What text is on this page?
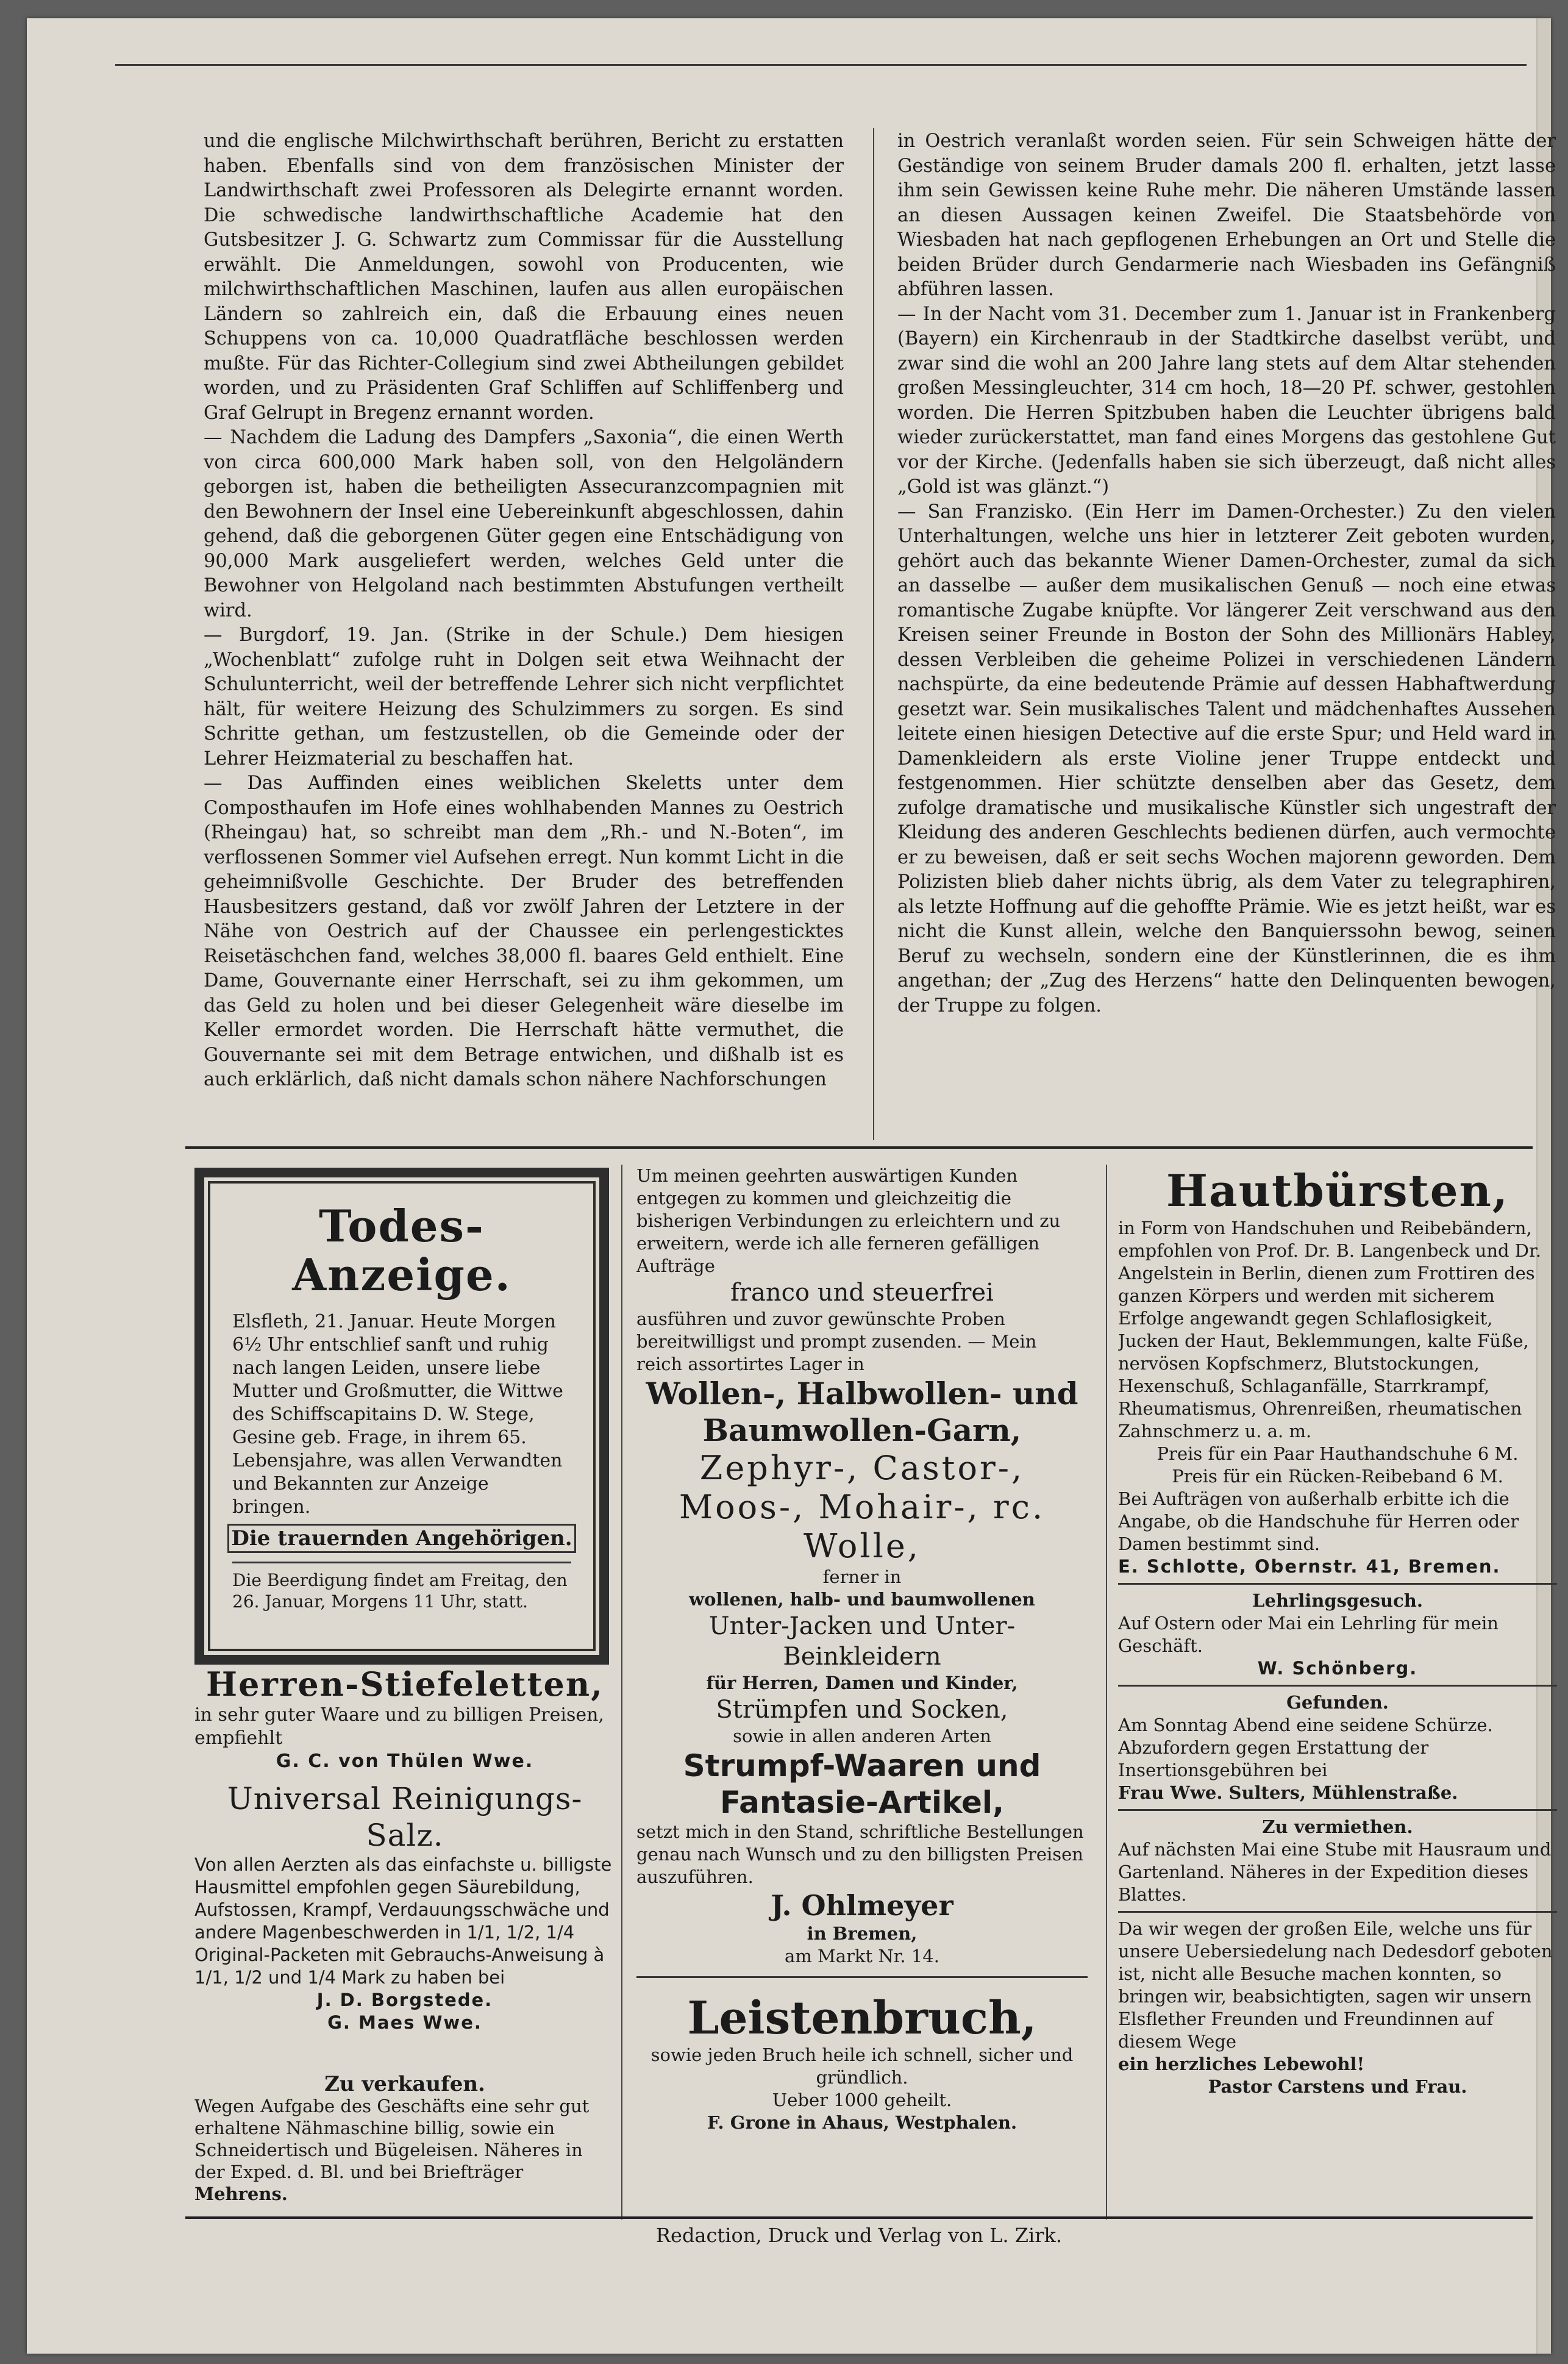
und die englische Milchwirthschaft berühren, Bericht zu erstatten haben. Ebenfalls sind von dem französischen Minister der Landwirthschaft zwei Professoren als Delegirte ernannt worden. Die schwedische landwirthschaftliche Academie hat den Gutsbesitzer J. G. Schwartz zum Commissar für die Ausstellung erwählt. Die Anmeldungen, sowohl von Producenten, wie milchwirthschaftlichen Maschinen, laufen aus allen europäischen Ländern so zahlreich ein, daß die Erbauung eines neuen Schuppens von ca. 10,000 Quadratfläche beschlossen werden mußte. Für das Richter-Collegium sind zwei Abtheilungen gebildet worden, und zu Präsidenten Graf Schliffen auf Schliffenberg und Graf Gelrupt in Bregenz ernannt worden.

— Nachdem die Ladung des Dampfers „Saxonia“, die einen Werth von circa 600,000 Mark haben soll, von den Helgoländern geborgen ist, haben die betheiligten Assecuranzcompagnien mit den Bewohnern der Insel eine Uebereinkunft abgeschlossen, dahin gehend, daß die geborgenen Güter gegen eine Entschädigung von 90,000 Mark ausgeliefert werden, welches Geld unter die Bewohner von Helgoland nach bestimmten Abstufungen vertheilt wird.

— Burgdorf, 19. Jan. (Strike in der Schule.) Dem hiesigen „Wochenblatt“ zufolge ruht in Dolgen seit etwa Weihnacht der Schulunterricht, weil der betreffende Lehrer sich nicht verpflichtet hält, für weitere Heizung des Schulzimmers zu sorgen. Es sind Schritte gethan, um festzustellen, ob die Gemeinde oder der Lehrer Heizmaterial zu beschaffen hat.

— Das Auffinden eines weiblichen Skeletts unter dem Composthaufen im Hofe eines wohlhabenden Mannes zu Oestrich (Rheingau) hat, so schreibt man dem „Rh.- und N.-Boten“, im verflossenen Sommer viel Aufsehen erregt. Nun kommt Licht in die geheimnißvolle Geschichte. Der Bruder des betreffenden Hausbesitzers gestand, daß vor zwölf Jahren der Letztere in der Nähe von Oestrich auf der Chaussee ein perlengesticktes Reisetäschchen fand, welches 38,000 fl. baares Geld enthielt. Eine Dame, Gouvernante einer Herrschaft, sei zu ihm gekommen, um das Geld zu holen und bei dieser Gelegenheit wäre dieselbe im Keller ermordet worden. Die Herrschaft hätte vermuthet, die Gouvernante sei mit dem Betrage entwichen, und dißhalb ist es auch erklärlich, daß nicht damals schon nähere Nachforschungen

in Oestrich veranlaßt worden seien. Für sein Schweigen hätte der Geständige von seinem Bruder damals 200 fl. erhalten, jetzt lasse ihm sein Gewissen keine Ruhe mehr. Die näheren Umstände lassen an diesen Aussagen keinen Zweifel. Die Staatsbehörde von Wiesbaden hat nach gepflogenen Erhebungen an Ort und Stelle die beiden Brüder durch Gendarmerie nach Wiesbaden ins Gefängniß abführen lassen.

— In der Nacht vom 31. December zum 1. Januar ist in Frankenberg (Bayern) ein Kirchenraub in der Stadtkirche daselbst verübt, und zwar sind die wohl an 200 Jahre lang stets auf dem Altar stehenden großen Messingleuchter, 314 cm hoch, 18—20 Pf. schwer, gestohlen worden. Die Herren Spitzbuben haben die Leuchter übrigens bald wieder zurückerstattet, man fand eines Morgens das gestohlene Gut vor der Kirche. (Jedenfalls haben sie sich überzeugt, daß nicht alles „Gold ist was glänzt.“)

— San Franzisko. (Ein Herr im Damen-Orchester.) Zu den vielen Unterhaltungen, welche uns hier in letzterer Zeit geboten wurden, gehört auch das bekannte Wiener Damen-Orchester, zumal da sich an dasselbe — außer dem musikalischen Genuß — noch eine etwas romantische Zugabe knüpfte. Vor längerer Zeit verschwand aus den Kreisen seiner Freunde in Boston der Sohn des Millionärs Habley, dessen Verbleiben die geheime Polizei in verschiedenen Ländern nachspürte, da eine bedeutende Prämie auf dessen Habhaftwerdung gesetzt war. Sein musikalisches Talent und mädchenhaftes Aussehen leitete einen hiesigen Detective auf die erste Spur; und Held ward in Damenkleidern als erste Violine jener Truppe entdeckt und festgenommen. Hier schützte denselben aber das Gesetz, dem zufolge dramatische und musikalische Künstler sich ungestraft der Kleidung des anderen Geschlechts bedienen dürfen, auch vermochte er zu beweisen, daß er seit sechs Wochen majorenn geworden. Dem Polizisten blieb daher nichts übrig, als dem Vater zu telegraphiren, als letzte Hoffnung auf die gehoffte Prämie. Wie es jetzt heißt, war es nicht die Kunst allein, welche den Banquierssohn bewog, seinen Beruf zu wechseln, sondern eine der Künstlerinnen, die es ihm angethan; der „Zug des Herzens“ hatte den Delinquenten bewogen, der Truppe zu folgen.

Todes-Anzeige.
Elsfleth, 21. Januar. Heute Morgen 6½ Uhr entschlief sanft und ruhig nach langen Leiden, unsere liebe Mutter und Großmutter, die Wittwe des Schiffscapitains D. W. Stege, Gesine geb. Frage, in ihrem 65. Lebensjahre, was allen Verwandten und Bekannten zur Anzeige bringen.
Die trauernden Angehörigen.
Die Beerdigung findet am Freitag, den 26. Januar, Morgens 11 Uhr, statt.
Herren-Stiefeletten,
in sehr guter Waare und zu billigen Preisen, empfiehlt
G. C. von Thülen Wwe.
Universal Reinigungs-Salz.
Von allen Aerzten als das einfachste u. billigste Hausmittel empfohlen gegen Säurebildung, Aufstossen, Krampf, Verdauungsschwäche und andere Magenbeschwerden in 1/1, 1/2, 1/4 Original-Packeten mit Gebrauchs-Anweisung à 1/1, 1/2 und 1/4 Mark zu haben bei
J. D. Borgstede.
G. Maes Wwe.
Zu verkaufen.
Wegen Aufgabe des Geschäfts eine sehr gut erhaltene Nähmaschine billig, sowie ein Schneidertisch und Bügeleisen. Näheres in der Exped. d. Bl. und bei Briefträger
Mehrens.
Um meinen geehrten auswärtigen Kunden entgegen zu kommen und gleichzeitig die bisherigen Verbindungen zu erleichtern und zu erweitern, werde ich alle ferneren gefälligen Aufträge
franco und steuerfrei
ausführen und zuvor gewünschte Proben bereitwilligst und prompt zusenden. — Mein reich assortirtes Lager in
Wollen-, Halbwollen- und Baumwollen-Garn,
Zephyr-, Castor-, Moos-, Mohair-, rc. Wolle,
ferner in
wollenen, halb- und baumwollenen
Unter-Jacken und Unter-Beinkleidern
für Herren, Damen und Kinder,
Strümpfen und Socken,
sowie in allen anderen Arten
Strumpf-Waaren und Fantasie-Artikel,
setzt mich in den Stand, schriftliche Bestellungen genau nach Wunsch und zu den billigsten Preisen auszuführen.
J. Ohlmeyer
in Bremen,
am Markt Nr. 14.
Leistenbruch,
sowie jeden Bruch heile ich schnell, sicher und gründlich.
Ueber 1000 geheilt.
F. Grone in Ahaus, Westphalen.
Hautbürsten,
in Form von Handschuhen und Reibebändern, empfohlen von Prof. Dr. B. Langenbeck und Dr. Angelstein in Berlin, dienen zum Frottiren des ganzen Körpers und werden mit sicherem Erfolge angewandt gegen Schlaflosigkeit, Jucken der Haut, Beklemmungen, kalte Füße, nervösen Kopfschmerz, Blutstockungen, Hexenschuß, Schlaganfälle, Starrkrampf, Rheumatismus, Ohrenreißen, rheumatischen Zahnschmerz u. a. m.
Preis für ein Paar Hauthandschuhe 6 M.
Preis für ein Rücken-Reibeband 6 M.
Bei Aufträgen von außerhalb erbitte ich die Angabe, ob die Handschuhe für Herren oder Damen bestimmt sind.
E. Schlotte, Obernstr. 41, Bremen.
Lehrlingsgesuch.
Auf Ostern oder Mai ein Lehrling für mein Geschäft.
W. Schönberg.
Gefunden.
Am Sonntag Abend eine seidene Schürze. Abzufordern gegen Erstattung der Insertionsgebühren bei
Frau Wwe. Sulters, Mühlenstraße.
Zu vermiethen.
Auf nächsten Mai eine Stube mit Hausraum und Gartenland. Näheres in der Expedition dieses Blattes.
Da wir wegen der großen Eile, welche uns für unsere Uebersiedelung nach Dedesdorf geboten ist, nicht alle Besuche machen konnten, so bringen wir, beabsichtigten, sagen wir unsern Elsflether Freunden und Freundinnen auf diesem Wege
ein herzliches Lebewohl!
Pastor Carstens und Frau.
Redaction, Druck und Verlag von L. Zirk.
